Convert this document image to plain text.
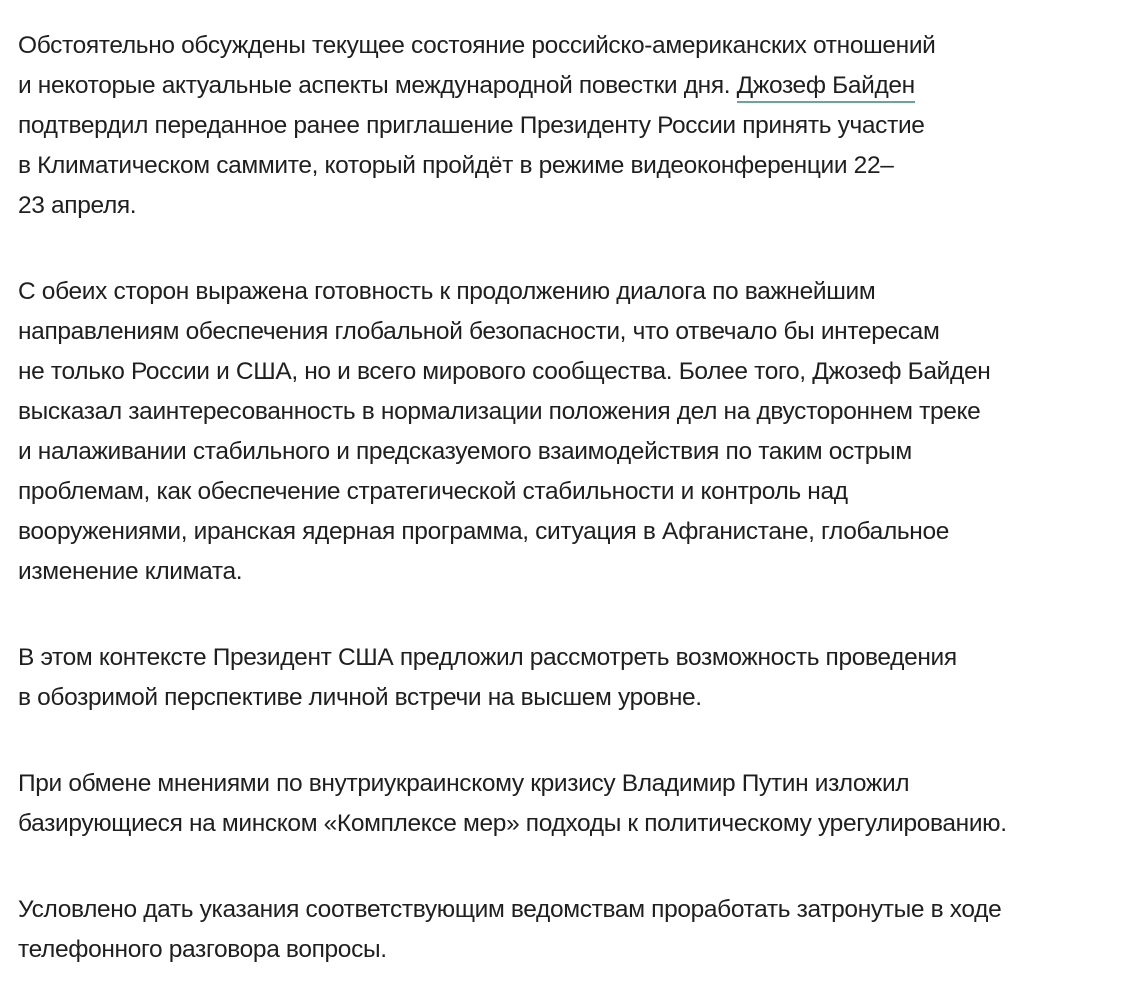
Обстоятельно обсуждены текущее состояние российско-американских отношений
и некоторые актуальные аспекты международной повестки дня. Джозеф Байден
подтвердил переданное ранее приглашение Президенту России принять участие
в Климатическом саммите, который пройдёт в режиме видеоконференции 22–
23 апреля.

С обеих сторон выражена готовность к продолжению диалога по важнейшим
направлениям обеспечения глобальной безопасности, что отвечало бы интересам
не только России и США, но и всего мирового сообщества. Более того, Джозеф Байден
высказал заинтересованность в нормализации положения дел на двустороннем треке
и налаживании стабильного и предсказуемого взаимодействия по таким острым
проблемам, как обеспечение стратегической стабильности и контроль над
вооружениями, иранская ядерная программа, ситуация в Афганистане, глобальное
изменение климата.

В этом контексте Президент США предложил рассмотреть возможность проведения
в обозримой перспективе личной встречи на высшем уровне.

При обмене мнениями по внутриукраинскому кризису Владимир Путин изложил
базирующиеся на минском «Комплексе мер» подходы к политическому урегулированию.

Условлено дать указания соответствующим ведомствам проработать затронутые в ходе
телефонного разговора вопросы.
